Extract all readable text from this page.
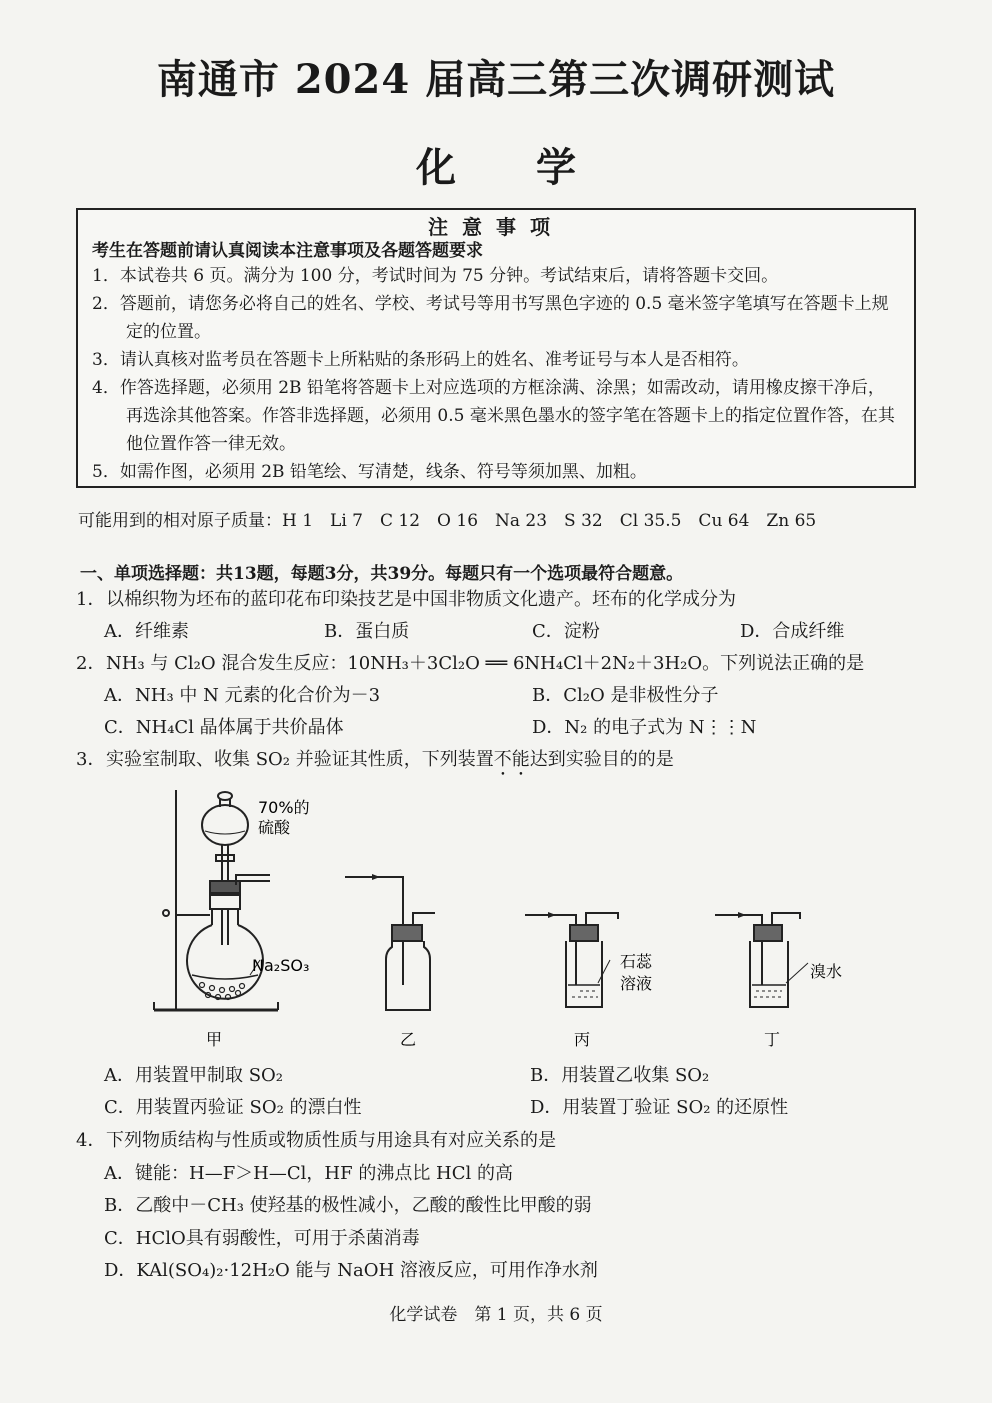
南通市 2024 届高三第三次调研测试
化　　学
注意事项
考生在答题前请认真阅读本注意事项及各题答题要求
1．本试卷共 6 页。满分为 100 分，考试时间为 75 分钟。考试结束后，请将答题卡交回。
2．答题前，请您务必将自己的姓名、学校、考试号等用书写黑色字迹的 0.5 毫米签字笔填写在答题卡上规定的位置。
3．请认真核对监考员在答题卡上所粘贴的条形码上的姓名、准考证号与本人是否相符。
4．作答选择题，必须用 2B 铅笔将答题卡上对应选项的方框涂满、涂黑；如需改动，请用橡皮擦干净后，再选涂其他答案。作答非选择题，必须用 0.5 毫米黑色墨水的签字笔在答题卡上的指定位置作答，在其他位置作答一律无效。
5．如需作图，必须用 2B 铅笔绘、写清楚，线条、符号等须加黑、加粗。
可能用到的相对原子质量：H 1　Li 7　C 12　O 16　Na 23　S 32　Cl 35.5　Cu 64　Zn 65
一、单项选择题：共13题，每题3分，共39分。每题只有一个选项最符合题意。
1．以棉织物为坯布的蓝印花布印染技艺是中国非物质文化遗产。坯布的化学成分为
A．纤维素	B．蛋白质	C．淀粉	D．合成纤维
2．NH₃ 与 Cl₂O 混合发生反应：10NH₃＋3Cl₂O ══ 6NH₄Cl＋2N₂＋3H₂O。下列说法正确的是
A．NH₃ 中 N 元素的化合价为－3	B．Cl₂O 是非极性分子
C．NH₄Cl 晶体属于共价晶体	D．N₂ 的电子式为 N⋮⋮N
3．实验室制取、收集 SO₂ 并验证其性质，下列装置不能达到实验目的的是
70%的
硫酸
Na₂SO₃	石蕊
溶液
溴水
甲	乙	丙	丁
A．用装置甲制取 SO₂	B．用装置乙收集 SO₂
C．用装置丙验证 SO₂ 的漂白性	D．用装置丁验证 SO₂ 的还原性
4．下列物质结构与性质或物质性质与用途具有对应关系的是
A．键能：H—F＞H—Cl，HF 的沸点比 HCl 的高
B．乙酸中－CH₃ 使羟基的极性减小，乙酸的酸性比甲酸的弱
C．HClO具有弱酸性，可用于杀菌消毒
D．KAl(SO₄)₂·12H₂O 能与 NaOH 溶液反应，可用作净水剂
化学试卷　第 1 页，共 6 页
